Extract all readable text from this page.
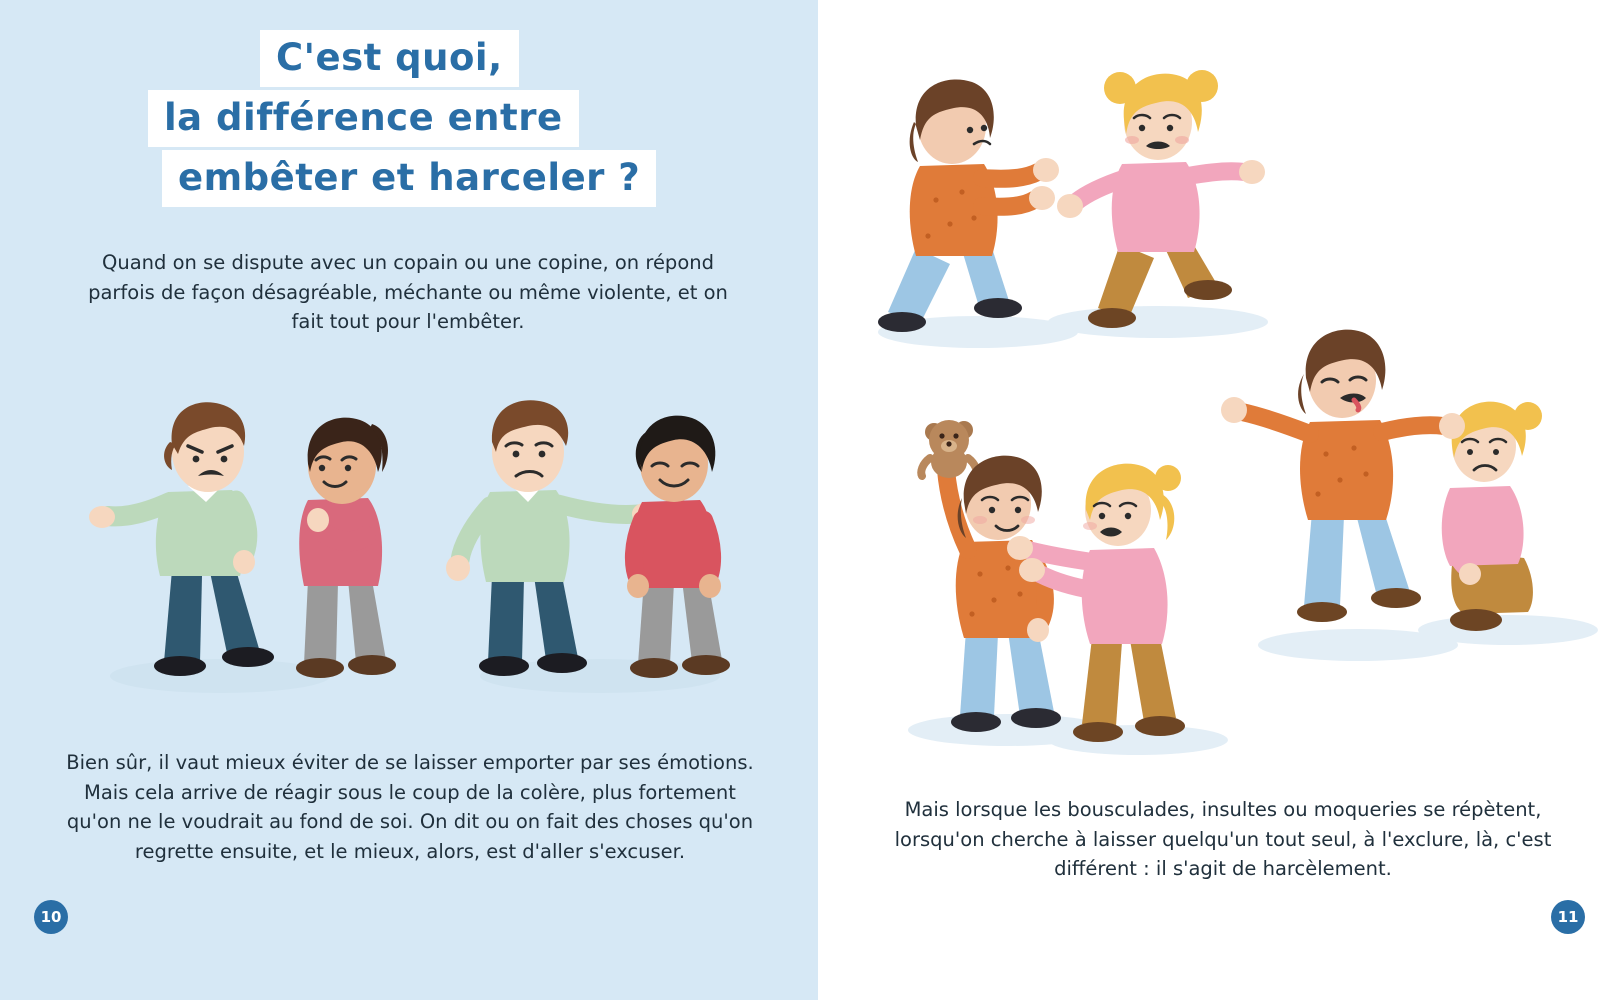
C'est quoi,
la différence entre
embêter et harceler ?
Quand on se dispute avec un copain ou une copine, on répond parfois de façon désagréable, méchante ou même violente, et on fait tout pour l'embêter.
Bien sûr, il vaut mieux éviter de se laisser emporter par ses émotions. Mais cela arrive de réagir sous le coup de la colère, plus fortement qu'on ne le voudrait au fond de soi. On dit ou on fait des choses qu'on regrette ensuite, et le mieux, alors, est d'aller s'excuser.
10
Mais lorsque les bousculades, insultes ou moqueries se répètent, lorsqu'on cherche à laisser quelqu'un tout seul, à l'exclure, là, c'est différent : il s'agit de harcèlement.
11
